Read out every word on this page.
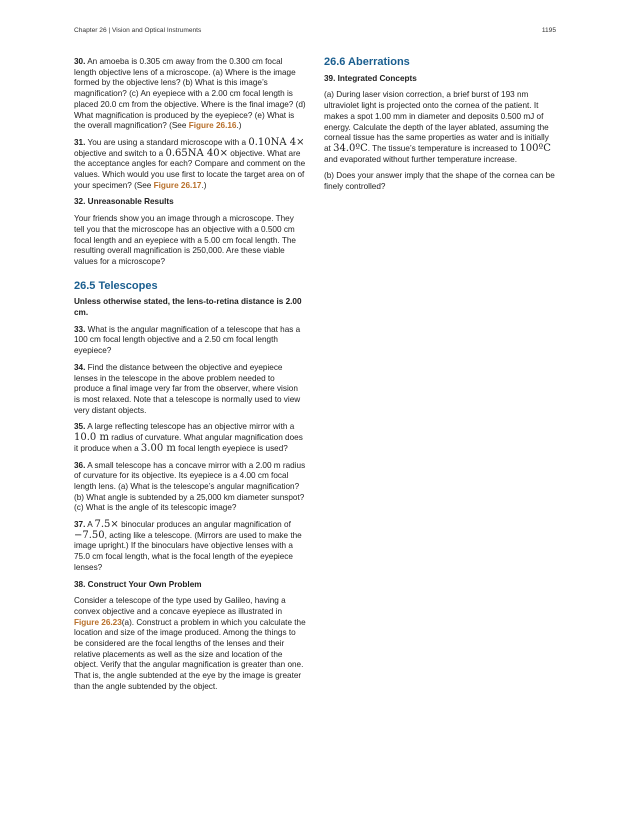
Chapter 26 | Vision and Optical Instruments	1195

30. An amoeba is 0.305 cm away from the 0.300 cm focal length objective lens of a microscope. (a) Where is the image formed by the objective lens? (b) What is this image’s magnification? (c) An eyepiece with a 2.00 cm focal length is placed 20.0 cm from the objective. Where is the final image? (d) What magnification is produced by the eyepiece? (e) What is the overall magnification? (See Figure 26.16.)

31. You are using a standard microscope with a 0.10NA 4× objective and switch to a 0.65NA 40× objective. What are the acceptance angles for each? Compare and comment on the values. Which would you use first to locate the target area on of your specimen? (See Figure 26.17.)

32. Unreasonable Results

Your friends show you an image through a microscope. They tell you that the microscope has an objective with a 0.500 cm focal length and an eyepiece with a 5.00 cm focal length. The resulting overall magnification is 250,000. Are these viable values for a microscope?

26.5 Telescopes

Unless otherwise stated, the lens-to-retina distance is 2.00 cm.

33. What is the angular magnification of a telescope that has a 100 cm focal length objective and a 2.50 cm focal length eyepiece?

34. Find the distance between the objective and eyepiece lenses in the telescope in the above problem needed to produce a final image very far from the observer, where vision is most relaxed. Note that a telescope is normally used to view very distant objects.

35. A large reflecting telescope has an objective mirror with a 10.0 m radius of curvature. What angular magnification does it produce when a 3.00 m focal length eyepiece is used?

36. A small telescope has a concave mirror with a 2.00 m radius of curvature for its objective. Its eyepiece is a 4.00 cm focal length lens. (a) What is the telescope’s angular magnification? (b) What angle is subtended by a 25,000 km diameter sunspot? (c) What is the angle of its telescopic image?

37. A 7.5× binocular produces an angular magnification of −7.50, acting like a telescope. (Mirrors are used to make the image upright.) If the binoculars have objective lenses with a 75.0 cm focal length, what is the focal length of the eyepiece lenses?

38. Construct Your Own Problem

Consider a telescope of the type used by Galileo, having a convex objective and a concave eyepiece as illustrated in Figure 26.23(a). Construct a problem in which you calculate the location and size of the image produced. Among the things to be considered are the focal lengths of the lenses and their relative placements as well as the size and location of the object. Verify that the angular magnification is greater than one. That is, the angle subtended at the eye by the image is greater than the angle subtended by the object.

26.6 Aberrations

39. Integrated Concepts

(a) During laser vision correction, a brief burst of 193 nm ultraviolet light is projected onto the cornea of the patient. It makes a spot 1.00 mm in diameter and deposits 0.500 mJ of energy. Calculate the depth of the layer ablated, assuming the corneal tissue has the same properties as water and is initially at 34.0ºC. The tissue’s temperature is increased to 100ºC and evaporated without further temperature increase.

(b) Does your answer imply that the shape of the cornea can be finely controlled?
